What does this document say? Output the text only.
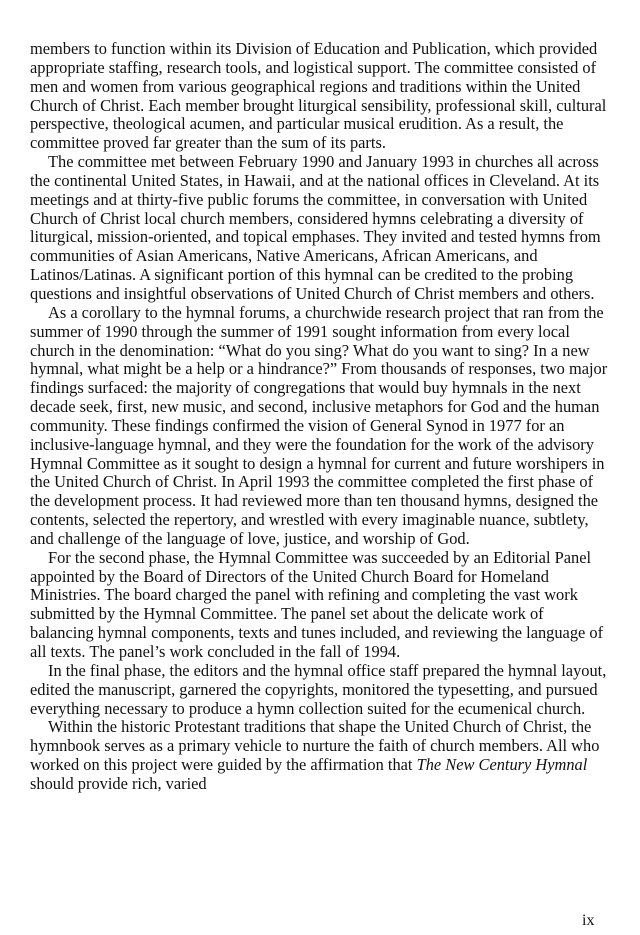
members to function within its Division of Education and Publication, which provided appropriate staffing, research tools, and logistical support. The committee consisted of men and women from various geographical regions and traditions within the United Church of Christ. Each member brought liturgical sensibility, professional skill, cultural perspective, theological acumen, and particular musical erudition. As a result, the committee proved far greater than the sum of its parts.

The committee met between February 1990 and January 1993 in churches all across the continental United States, in Hawaii, and at the national offices in Cleveland. At its meetings and at thirty-five public forums the committee, in conversation with United Church of Christ local church members, considered hymns celebrating a diversity of liturgical, mission-oriented, and topical emphases. They invited and tested hymns from communities of Asian Americans, Native Americans, African Americans, and Latinos/Latinas. A significant portion of this hymnal can be credited to the probing questions and insightful observations of United Church of Christ members and others.

As a corollary to the hymnal forums, a churchwide research project that ran from the summer of 1990 through the summer of 1991 sought information from every local church in the denomination: “What do you sing? What do you want to sing? In a new hymnal, what might be a help or a hindrance?” From thousands of responses, two major findings surfaced: the majority of congregations that would buy hymnals in the next decade seek, first, new music, and second, inclusive metaphors for God and the human community. These findings confirmed the vision of General Synod in 1977 for an inclusive-language hymnal, and they were the foundation for the work of the advisory Hymnal Committee as it sought to design a hymnal for current and future worshipers in the United Church of Christ. In April 1993 the committee completed the first phase of the development process. It had reviewed more than ten thousand hymns, designed the contents, selected the repertory, and wrestled with every imaginable nuance, subtlety, and challenge of the language of love, justice, and worship of God.

For the second phase, the Hymnal Committee was succeeded by an Editorial Panel appointed by the Board of Directors of the United Church Board for Homeland Ministries. The board charged the panel with refining and completing the vast work submitted by the Hymnal Committee. The panel set about the delicate work of balancing hymnal components, texts and tunes included, and reviewing the language of all texts. The panel’s work concluded in the fall of 1994.

In the final phase, the editors and the hymnal office staff prepared the hymnal layout, edited the manuscript, garnered the copyrights, monitored the typesetting, and pursued everything necessary to produce a hymn collection suited for the ecumenical church.

Within the historic Protestant traditions that shape the United Church of Christ, the hymnbook serves as a primary vehicle to nurture the faith of church members. All who worked on this project were guided by the affirmation that The New Century Hymnal should provide rich, varied

ix
